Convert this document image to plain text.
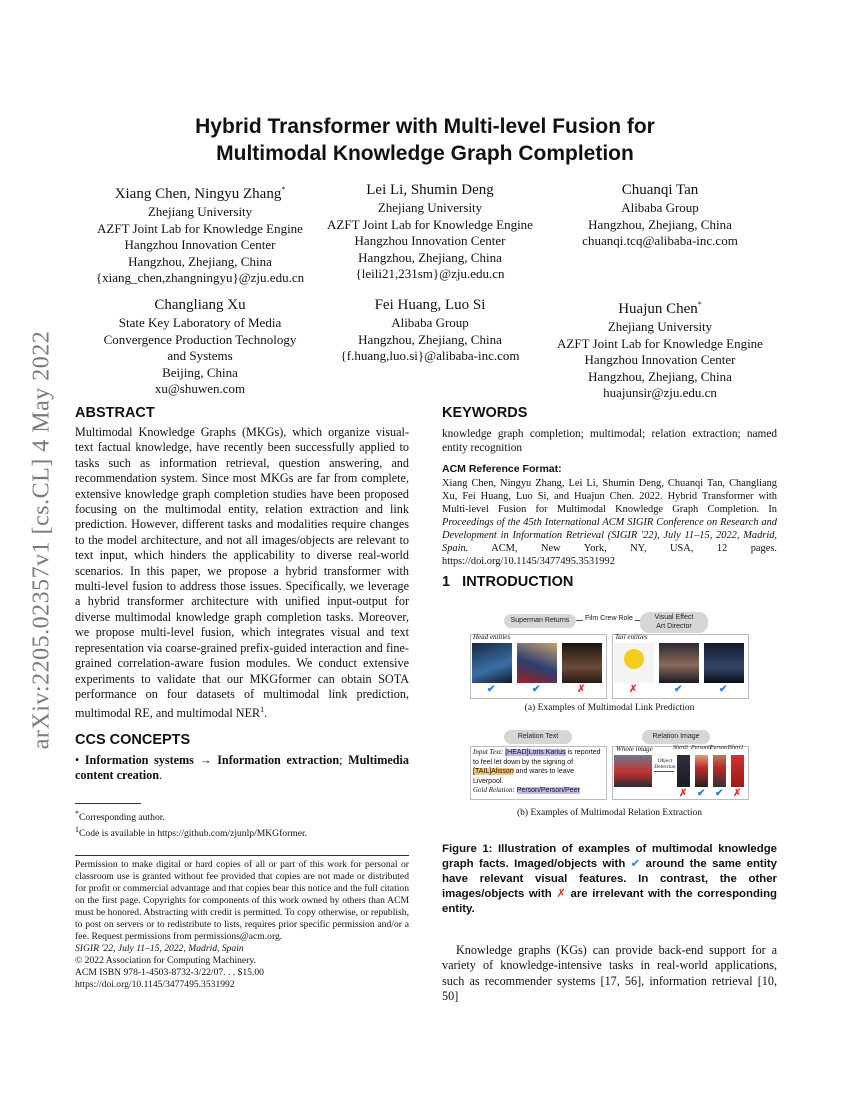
arXiv:2205.02357v1 [cs.CL] 4 May 2022
Hybrid Transformer with Multi-level Fusion for
Multimodal Knowledge Graph Completion
Xiang Chen, Ningyu Zhang*
Zhejiang University
AZFT Joint Lab for Knowledge Engine
Hangzhou Innovation Center
Hangzhou, Zhejiang, China
{xiang_chen,zhangningyu}@zju.edu.cn
Lei Li, Shumin Deng
Zhejiang University
AZFT Joint Lab for Knowledge Engine
Hangzhou Innovation Center
Hangzhou, Zhejiang, China
{leili21,231sm}@zju.edu.cn
Chuanqi Tan
Alibaba Group
Hangzhou, Zhejiang, China
chuanqi.tcq@alibaba-inc.com
Changliang Xu
State Key Laboratory of Media
Convergence Production Technology
and Systems
Beijing, China
xu@shuwen.com
Fei Huang, Luo Si
Alibaba Group
Hangzhou, Zhejiang, China
{f.huang,luo.si}@alibaba-inc.com
Huajun Chen*
Zhejiang University
AZFT Joint Lab for Knowledge Engine
Hangzhou Innovation Center
Hangzhou, Zhejiang, China
huajunsir@zju.edu.cn
ABSTRACT
Multimodal Knowledge Graphs (MKGs), which organize visual-text factual knowledge, have recently been successfully applied to tasks such as information retrieval, question answering, and recommendation system. Since most MKGs are far from complete, extensive knowledge graph completion studies have been proposed focusing on the multimodal entity, relation extraction and link prediction. However, different tasks and modalities require changes to the model architecture, and not all images/objects are relevant to text input, which hinders the applicability to diverse real-world scenarios. In this paper, we propose a hybrid transformer with multi-level fusion to address those issues. Specifically, we leverage a hybrid transformer architecture with unified input-output for diverse multimodal knowledge graph completion tasks. Moreover, we propose multi-level fusion, which integrates visual and text representation via coarse-grained prefix-guided interaction and fine-grained correlation-aware fusion modules. We conduct extensive experiments to validate that our MKGformer can obtain SOTA performance on four datasets of multimodal link prediction, multimodal RE, and multimodal NER$^1$.
CCS CONCEPTS
• Information systems → Information extraction; Multimedia content creation.
*Corresponding author.
$^1$Code is available in https://github.com/zjunlp/MKGformer.
Permission to make digital or hard copies of all or part of this work for personal or classroom use is granted without fee provided that copies are not made or distributed for profit or commercial advantage and that copies bear this notice and the full citation on the first page. Copyrights for components of this work owned by others than ACM must be honored. Abstracting with credit is permitted. To copy otherwise, or republish, to post on servers or to redistribute to lists, requires prior specific permission and/or a fee. Request permissions from permissions@acm.org.
SIGIR '22, July 11–15, 2022, Madrid, Spain
© 2022 Association for Computing Machinery.
ACM ISBN 978-1-4503-8732-3/22/07. . . $15.00
https://doi.org/10.1145/3477495.3531992
KEYWORDS
knowledge graph completion; multimodal; relation extraction; named entity recognition
ACM Reference Format:
Xiang Chen, Ningyu Zhang, Lei Li, Shumin Deng, Chuanqi Tan, Changliang Xu, Fei Huang, Luo Si, and Huajun Chen. 2022. Hybrid Transformer with Multi-level Fusion for Multimodal Knowledge Graph Completion. In Proceedings of the 45th International ACM SIGIR Conference on Research and Development in Information Retrieval (SIGIR '22), July 11–15, 2022, Madrid, Spain. ACM, New York, NY, USA, 12 pages. https://doi.org/10.1145/3477495.3531992
1 INTRODUCTION
Superman Returns	Film Crew Role	Visual Effect
Art Director
Head entities
✔	✔	✗
Tail entities
✗	✔	✔
(a) Examples of Multimodal Link Prediction
Relation Text	Relation Image
Input Text: [HEAD]Loris Karius is reported to feel let down by the signing of [TAIL]Alisson and wants to leave Liverpool.
Gold Relation: Person/Person/Peer
Whole image
Object Detection
Shirt0 Person0 Person1 Shirt1
✗ ✔ ✔ ✗
(b) Examples of Multimodal Relation Extraction
Figure 1: Illustration of examples of multimodal knowledge graph facts. Imaged/objects with ✔ around the same entity have relevant visual features. In contrast, the other images/objects with ✗ are irrelevant with the corresponding entity.
Knowledge graphs (KGs) can provide back-end support for a variety of knowledge-intensive tasks in real-world applications, such as recommender systems [17, 56], information retrieval [10, 50]
